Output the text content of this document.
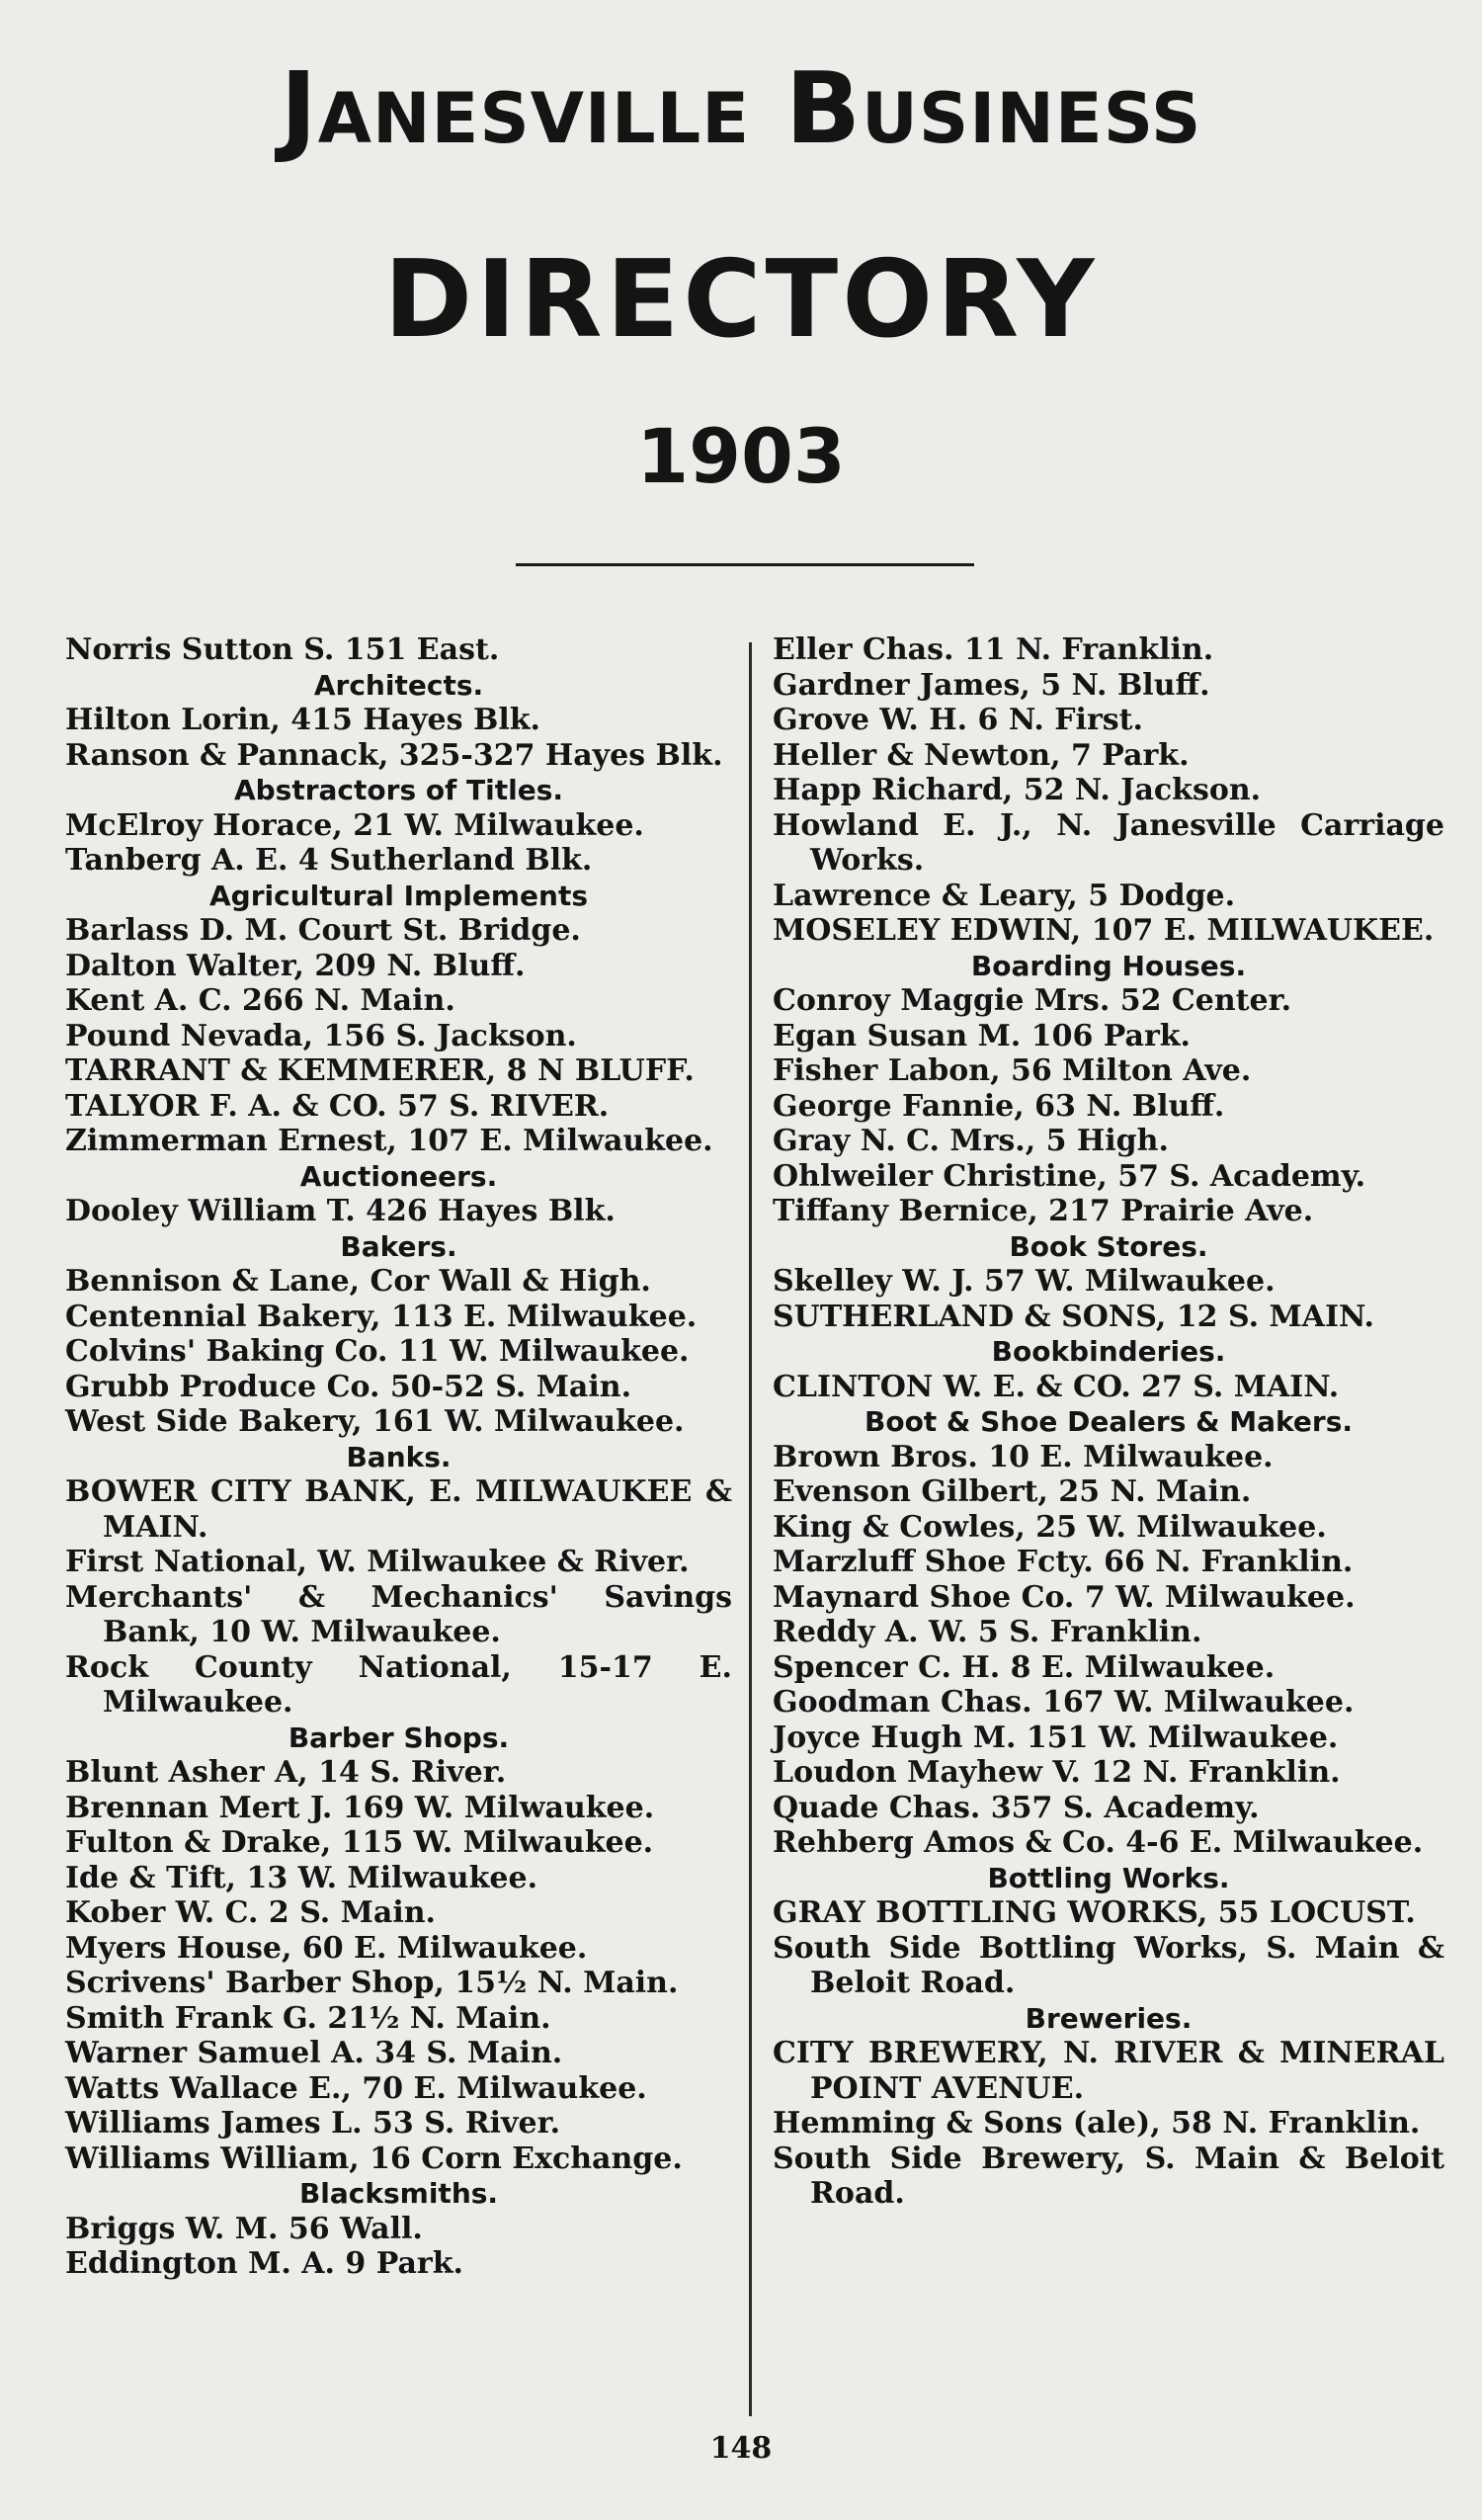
Janesville Business
DIRECTORY
1903
Norris Sutton S. 151 East.
Architects.
Hilton Lorin, 415 Hayes Blk.
Ranson & Pannack, 325-327 Hayes Blk.
Abstractors of Titles.
McElroy Horace, 21 W. Milwaukee.
Tanberg A. E. 4 Sutherland Blk.
Agricultural Implements
Barlass D. M. Court St. Bridge.
Dalton Walter, 209 N. Bluff.
Kent A. C. 266 N. Main.
Pound Nevada, 156 S. Jackson.
TARRANT & KEMMERER, 8 N BLUFF.
TALYOR F. A. & CO. 57 S. RIVER.
Zimmerman Ernest, 107 E. Milwaukee.
Auctioneers.
Dooley William T. 426 Hayes Blk.
Bakers.
Bennison & Lane, Cor Wall & High.
Centennial Bakery, 113 E. Milwaukee.
Colvins' Baking Co. 11 W. Milwaukee.
Grubb Produce Co. 50-52 S. Main.
West Side Bakery, 161 W. Milwaukee.
Banks.
BOWER CITY BANK, E. MILWAUKEE & MAIN.
First National, W. Milwaukee & River.
Merchants' & Mechanics' Savings Bank, 10 W. Milwaukee.
Rock County National, 15-17 E. Milwaukee.
Barber Shops.
Blunt Asher A, 14 S. River.
Brennan Mert J. 169 W. Milwaukee.
Fulton & Drake, 115 W. Milwaukee.
Ide & Tift, 13 W. Milwaukee.
Kober W. C. 2 S. Main.
Myers House, 60 E. Milwaukee.
Scrivens' Barber Shop, 15½ N. Main.
Smith Frank G. 21½ N. Main.
Warner Samuel A. 34 S. Main.
Watts Wallace E., 70 E. Milwaukee.
Williams James L. 53 S. River.
Williams William, 16 Corn Exchange.
Blacksmiths.
Briggs W. M. 56 Wall.
Eddington M. A. 9 Park.
Eller Chas. 11 N. Franklin.
Gardner James, 5 N. Bluff.
Grove W. H. 6 N. First.
Heller & Newton, 7 Park.
Happ Richard, 52 N. Jackson.
Howland E. J., N. Janesville Carriage Works.
Lawrence & Leary, 5 Dodge.
MOSELEY EDWIN, 107 E. MILWAUKEE.
Boarding Houses.
Conroy Maggie Mrs. 52 Center.
Egan Susan M. 106 Park.
Fisher Labon, 56 Milton Ave.
George Fannie, 63 N. Bluff.
Gray N. C. Mrs., 5 High.
Ohlweiler Christine, 57 S. Academy.
Tiffany Bernice, 217 Prairie Ave.
Book Stores.
Skelley W. J. 57 W. Milwaukee.
SUTHERLAND & SONS, 12 S. MAIN.
Bookbinderies.
CLINTON W. E. & CO. 27 S. MAIN.
Boot & Shoe Dealers & Makers.
Brown Bros. 10 E. Milwaukee.
Evenson Gilbert, 25 N. Main.
King & Cowles, 25 W. Milwaukee.
Marzluff Shoe Fcty. 66 N. Franklin.
Maynard Shoe Co. 7 W. Milwaukee.
Reddy A. W. 5 S. Franklin.
Spencer C. H. 8 E. Milwaukee.
Goodman Chas. 167 W. Milwaukee.
Joyce Hugh M. 151 W. Milwaukee.
Loudon Mayhew V. 12 N. Franklin.
Quade Chas. 357 S. Academy.
Rehberg Amos & Co. 4-6 E. Milwaukee.
Bottling Works.
GRAY BOTTLING WORKS, 55 LOCUST.
South Side Bottling Works, S. Main & Beloit Road.
Breweries.
CITY BREWERY, N. RIVER & MINERAL POINT AVENUE.
Hemming & Sons (ale), 58 N. Franklin.
South Side Brewery, S. Main & Beloit Road.
148
